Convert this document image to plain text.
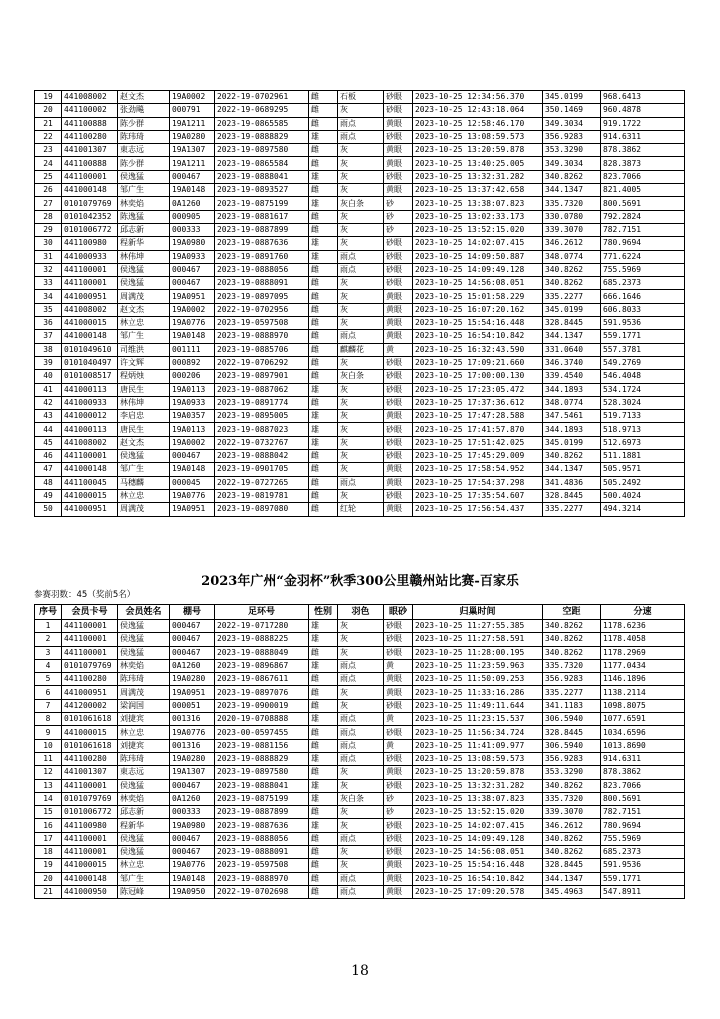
19	441008002	赵文杰	19A0002	2022-19-0702961	雌	石板	砂眼	2023-10-25 12:34:56.370	345.0199	968.6413
20	441100002	张劲飚	000791	2022-19-0689295	雌	灰	砂眼	2023-10-25 12:43:18.064	350.1469	960.4878
21	441100888	陈少群	19A1211	2023-19-0865585	雌	雨点	黄眼	2023-10-25 12:58:46.170	349.3034	919.1722
22	441100280	陈玮琦	19A0280	2023-19-0888829	雄	雨点	砂眼	2023-10-25 13:08:59.573	356.9283	914.6311
23	441001307	東志远	19A1307	2023-19-0897580	雌	灰	黄眼	2023-10-25 13:20:59.878	353.3290	878.3862
24	441100888	陈少群	19A1211	2023-19-0865584	雌	灰	黄眼	2023-10-25 13:40:25.005	349.3034	828.3873
25	441100001	侯逸猛	000467	2023-19-0888041	雄	灰	砂眼	2023-10-25 13:32:31.282	340.8262	823.7066
26	441000148	邹广生	19A0148	2023-19-0893527	雌	灰	黄眼	2023-10-25 13:37:42.658	344.1347	821.4005
27	0101079769	林奕焰	0A1260	2023-19-0875199	雄	灰白条	砂	2023-10-25 13:38:07.823	335.7320	800.5691
28	0101042352	陈逸猛	000905	2023-19-0881617	雌	灰	砂	2023-10-25 13:02:33.173	330.0780	792.2824
29	0101006772	邱志新	000333	2023-19-0887899	雌	灰	砂	2023-10-25 13:52:15.020	339.3070	782.7151
30	441100980	程新华	19A0980	2023-19-0887636	雄	灰	砂眼	2023-10-25 14:02:07.415	346.2612	780.9694
31	441000933	林伟坤	19A0933	2023-19-0891760	雄	雨点	砂眼	2023-10-25 14:09:50.887	348.0774	771.6224
32	441100001	侯逸猛	000467	2023-19-0888056	雌	雨点	砂眼	2023-10-25 14:09:49.128	340.8262	755.5969
33	441100001	侯逸猛	000467	2023-19-0888091	雌	灰	砂眼	2023-10-25 14:56:08.051	340.8262	685.2373
34	441000951	周满茂	19A0951	2023-19-0897095	雌	灰	黄眼	2023-10-25 15:01:58.229	335.2277	666.1646
35	441008002	赵文杰	19A0002	2022-19-0702956	雌	灰	黄眼	2023-10-25 16:07:20.162	345.0199	606.8033
36	441000015	林立忠	19A0776	2023-19-0597508	雌	灰	黄眼	2023-10-25 15:54:16.448	328.8445	591.9536
37	441000148	邹广生	19A0148	2023-19-0888970	雌	雨点	黄眼	2023-10-25 16:54:10.842	344.1347	559.1771
38	0101049610	司维洪	001111	2023-19-0885706	雌	麒麟花	黄	2023-10-25 16:32:43.590	331.0640	557.3781
39	0101040497	许文辉	000892	2022-19-0706292	雌	灰	砂眼	2023-10-25 17:09:21.660	346.3740	549.2769
40	0101008517	程炳烛	000206	2023-19-0897901	雌	灰白条	砂眼	2023-10-25 17:00:00.130	339.4540	546.4048
41	441000113	唐民生	19A0113	2023-19-0887062	雄	灰	砂眼	2023-10-25 17:23:05.472	344.1893	534.1724
42	441000933	林伟坤	19A0933	2023-19-0891774	雌	灰	砂眼	2023-10-25 17:37:36.612	348.0774	528.3024
43	441000012	李启忠	19A0357	2023-19-0895005	雄	灰	黄眼	2023-10-25 17:47:28.588	347.5461	519.7133
44	441000113	唐民生	19A0113	2023-19-0887023	雄	灰	砂眼	2023-10-25 17:41:57.870	344.1893	518.9713
45	441008002	赵文杰	19A0002	2022-19-0732767	雄	灰	砂眼	2023-10-25 17:51:42.025	345.0199	512.6973
46	441100001	侯逸猛	000467	2023-19-0888042	雌	灰	砂眼	2023-10-25 17:45:29.009	340.8262	511.1881
47	441000148	邹广生	19A0148	2023-19-0901705	雌	灰	黄眼	2023-10-25 17:58:54.952	344.1347	505.9571
48	441100045	马穗麟	000045	2022-19-0727265	雌	雨点	黄眼	2023-10-25 17:54:37.298	341.4836	505.2492
49	441000015	林立忠	19A0776	2023-19-0819781	雌	灰	砂眼	2023-10-25 17:35:54.607	328.8445	500.4024
50	441000951	周满茂	19A0951	2023-19-0897080	雌	红轮	黄眼	2023-10-25 17:56:54.437	335.2277	494.3214
2023年广州“金羽杯”秋季300公里赣州站比赛-百家乐
参赛羽数：45（奖前5名）
序号	会员卡号	会员姓名	棚号	足环号	性别	羽色	眼砂	归巢时间	空距	分速
1	441100001	侯逸猛	000467	2022-19-0717280	雄	灰	砂眼	2023-10-25 11:27:55.385	340.8262	1178.6236
2	441100001	侯逸猛	000467	2023-19-0888225	雄	灰	砂眼	2023-10-25 11:27:58.591	340.8262	1178.4058
3	441100001	侯逸猛	000467	2023-19-0888049	雌	灰	砂眼	2023-10-25 11:28:00.195	340.8262	1178.2969
4	0101079769	林奕焰	0A1260	2023-19-0896867	雄	雨点	黄	2023-10-25 11:23:59.963	335.7320	1177.0434
5	441100280	陈玮琦	19A0280	2023-19-0867611	雌	雨点	黄眼	2023-10-25 11:50:09.253	356.9283	1146.1896
6	441000951	周满茂	19A0951	2023-19-0897076	雌	灰	黄眼	2023-10-25 11:33:16.286	335.2277	1138.2114
7	441200002	梁润国	000051	2023-19-0900019	雌	灰	砂眼	2023-10-25 11:49:11.644	341.1183	1098.8075
8	0101061618	刘捷宾	001316	2020-19-0708888	雄	雨点	黄	2023-10-25 11:23:15.537	306.5940	1077.6591
9	441000015	林立忠	19A0776	2023-00-0597455	雌	雨点	砂眼	2023-10-25 11:56:34.724	328.8445	1034.6596
10	0101061618	刘捷宾	001316	2023-19-0881156	雌	雨点	黄	2023-10-25 11:41:09.977	306.5940	1013.8690
11	441100280	陈玮琦	19A0280	2023-19-0888829	雄	雨点	砂眼	2023-10-25 13:08:59.573	356.9283	914.6311
12	441001307	東志远	19A1307	2023-19-0897580	雌	灰	黄眼	2023-10-25 13:20:59.878	353.3290	878.3862
13	441100001	侯逸猛	000467	2023-19-0888041	雄	灰	砂眼	2023-10-25 13:32:31.282	340.8262	823.7066
14	0101079769	林奕焰	0A1260	2023-19-0875199	雄	灰白条	砂	2023-10-25 13:38:07.823	335.7320	800.5691
15	0101006772	邱志新	000333	2023-19-0887899	雌	灰	砂	2023-10-25 13:52:15.020	339.3070	782.7151
16	441100980	程新华	19A0980	2023-19-0887636	雄	灰	砂眼	2023-10-25 14:02:07.415	346.2612	780.9694
17	441100001	侯逸猛	000467	2023-19-0888056	雌	雨点	砂眼	2023-10-25 14:09:49.128	340.8262	755.5969
18	441100001	侯逸猛	000467	2023-19-0888091	雌	灰	砂眼	2023-10-25 14:56:08.051	340.8262	685.2373
19	441000015	林立忠	19A0776	2023-19-0597508	雌	灰	黄眼	2023-10-25 15:54:16.448	328.8445	591.9536
20	441000148	邹广生	19A0148	2023-19-0888970	雌	雨点	黄眼	2023-10-25 16:54:10.842	344.1347	559.1771
21	441000950	陈冠峰	19A0950	2022-19-0702698	雌	雨点	黄眼	2023-10-25 17:09:20.578	345.4963	547.8911
18
